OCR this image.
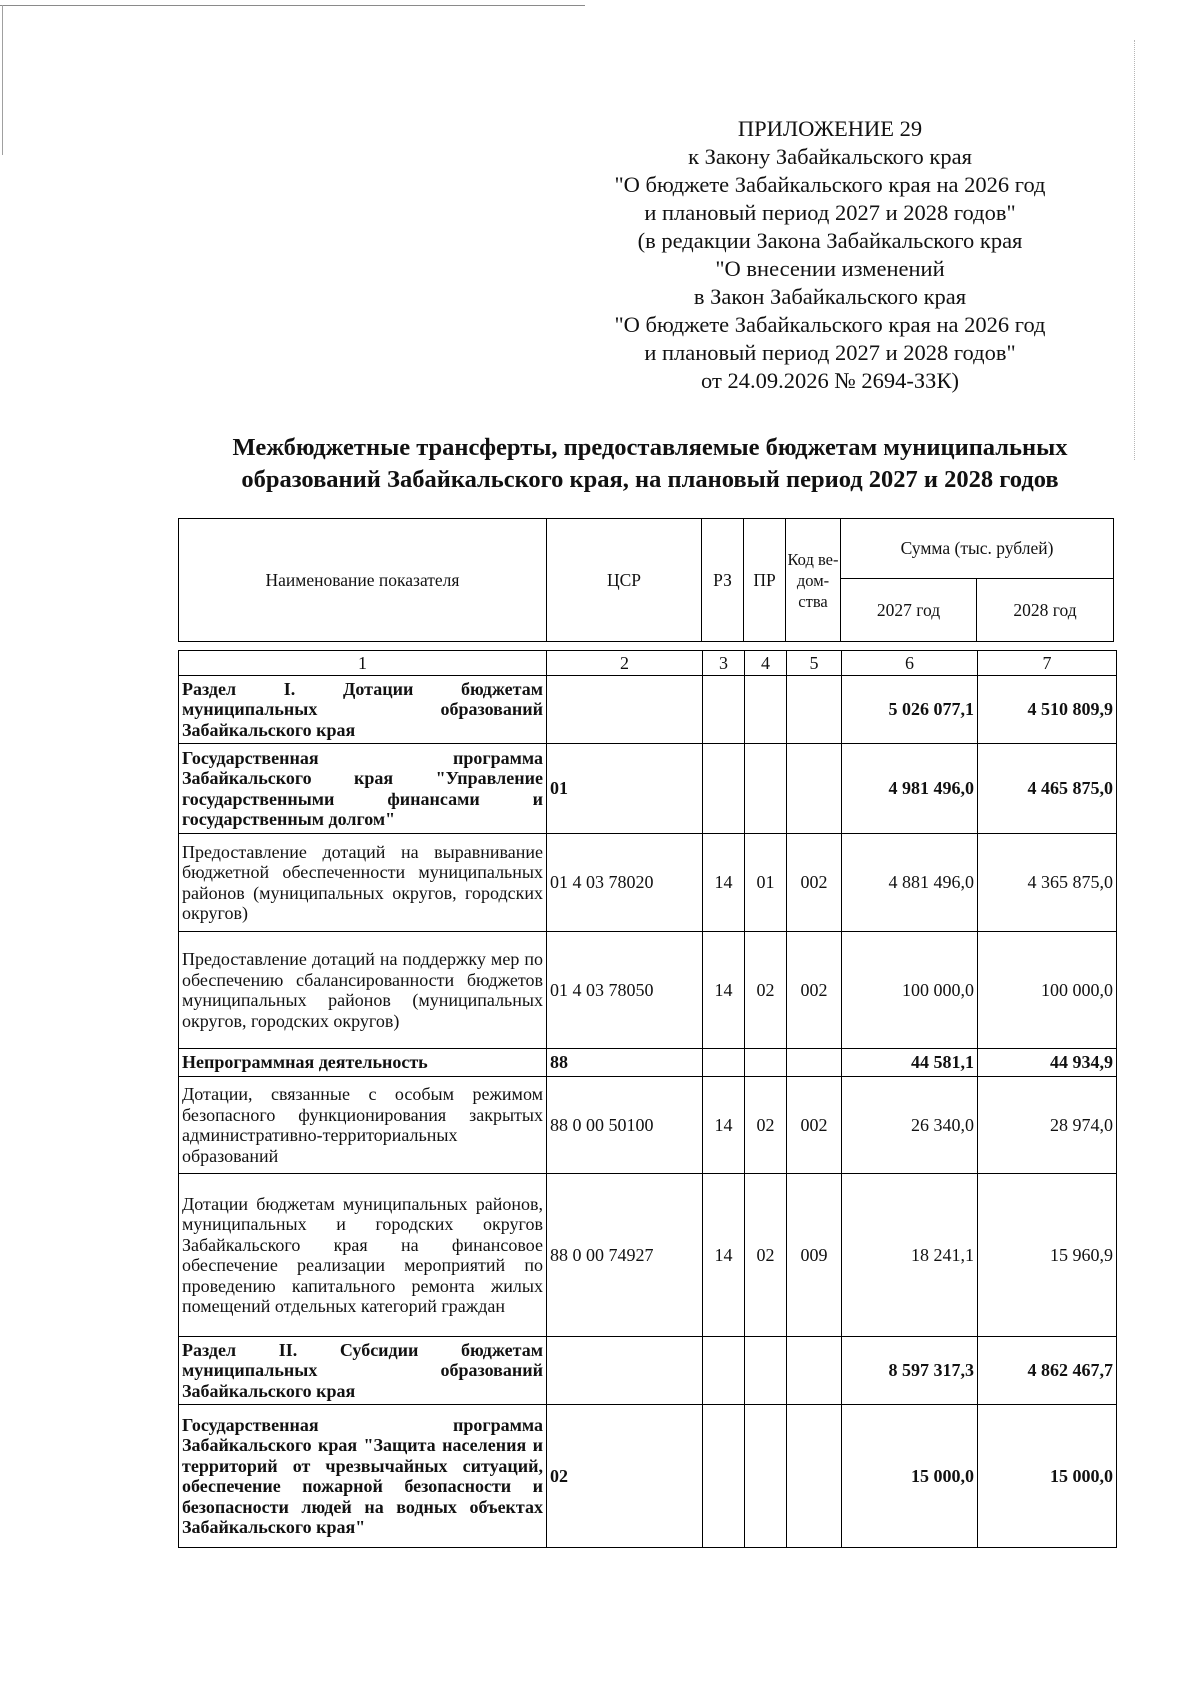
ПРИЛОЖЕНИЕ 29
к Закону Забайкальского края
"О бюджете Забайкальского края на 2026 год
и плановый период 2027 и 2028 годов"
(в редакции Закона Забайкальского края
"О внесении изменений
в Закон Забайкальского края
"О бюджете Забайкальского края на 2026 год
и плановый период 2027 и 2028 годов"
от 24.09.2026 № 2694-ЗЗК)
Межбюджетные трансферты, предоставляемые бюджетам муниципальных
образований Забайкальского края, на плановый период 2027 и 2028 годов
Наименование показателя	ЦСР	РЗ	ПР	Код ве-дом-ства	Сумма (тыс. рублей)	
					2027 год	2028 год
1	2	3	4	5	6	7
Раздел I. Дотации бюджетам муниципальных образований Забайкальского края					5 026 077,1	4 510 809,9
Государственная программа Забайкальского края "Управление государственными финансами и государственным долгом"	01				4 981 496,0	4 465 875,0
Предоставление дотаций на выравнивание бюджетной обеспеченности муниципальных районов (муниципальных округов, городских округов)	01 4 03 78020	14	01	002	4 881 496,0	4 365 875,0
Предоставление дотаций на поддержку мер по обеспечению сбалансированности бюджетов муниципальных районов (муниципальных округов, городских округов)	01 4 03 78050	14	02	002	100 000,0	100 000,0
Непрограммная деятельность	88				44 581,1	44 934,9
Дотации, связанные с особым режимом безопасного функционирования закрытых административно-территориальных образований	88 0 00 50100	14	02	002	26 340,0	28 974,0
Дотации бюджетам муниципальных районов, муниципальных и городских округов Забайкальского края на финансовое обеспечение реализации мероприятий по проведению капитального ремонта жилых помещений отдельных категорий граждан	88 0 00 74927	14	02	009	18 241,1	15 960,9
Раздел II. Субсидии бюджетам муниципальных образований Забайкальского края					8 597 317,3	4 862 467,7
Государственная программа Забайкальского края "Защита населения и территорий от чрезвычайных ситуаций, обеспечение пожарной безопасности и безопасности людей на водных объектах Забайкальского края"	02				15 000,0	15 000,0
